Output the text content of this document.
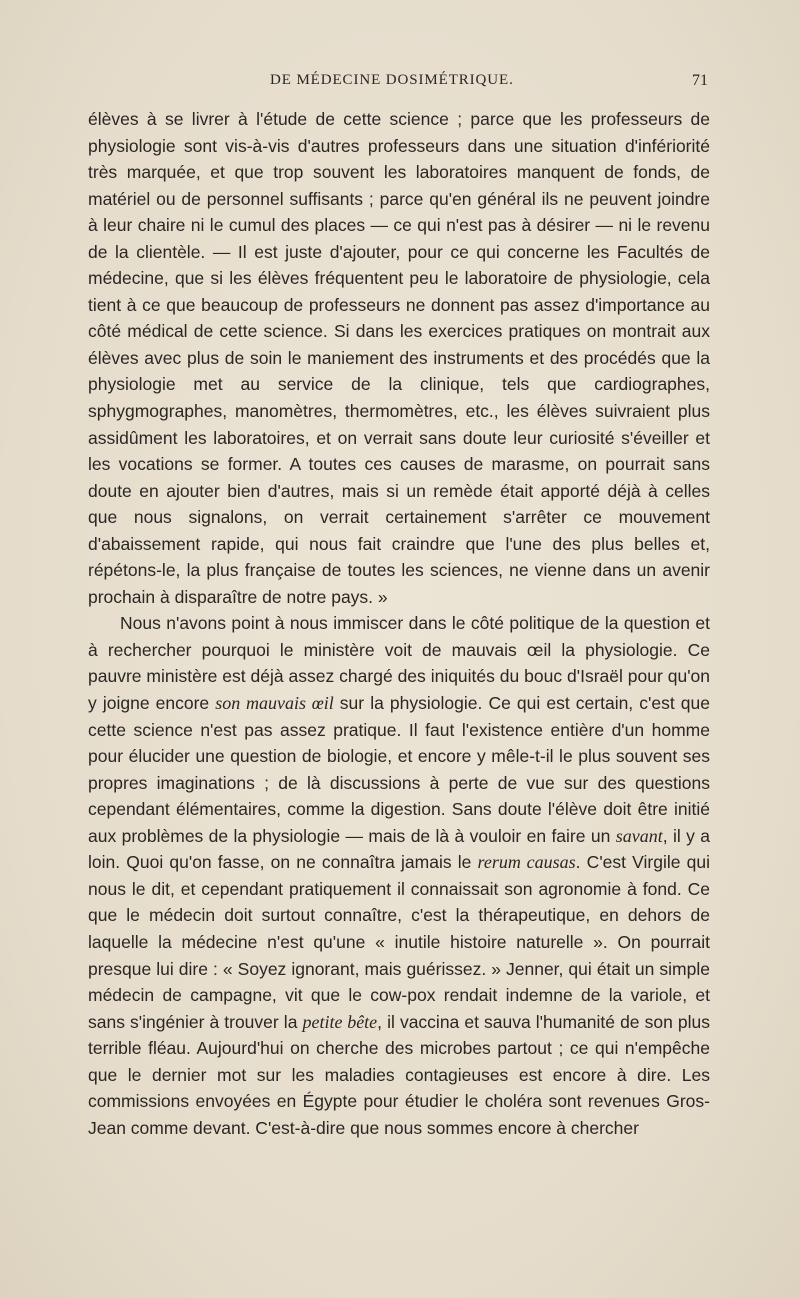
DE MÉDECINE DOSIMÉTRIQUE.	71

élèves à se livrer à l'étude de cette science ; parce que les professeurs de physiologie sont vis-à-vis d'autres professeurs dans une situation d'infériorité très marquée, et que trop souvent les laboratoires manquent de fonds, de matériel ou de personnel suffisants ; parce qu'en général ils ne peuvent joindre à leur chaire ni le cumul des places — ce qui n'est pas à désirer — ni le revenu de la clientèle. — Il est juste d'ajouter, pour ce qui concerne les Facultés de médecine, que si les élèves fréquentent peu le laboratoire de physiologie, cela tient à ce que beaucoup de professeurs ne donnent pas assez d'importance au côté médical de cette science. Si dans les exercices pratiques on montrait aux élèves avec plus de soin le maniement des instruments et des procédés que la physiologie met au service de la clinique, tels que cardiographes, sphygmographes, manomètres, thermomètres, etc., les élèves suivraient plus assidûment les laboratoires, et on verrait sans doute leur curiosité s'éveiller et les vocations se former. A toutes ces causes de marasme, on pourrait sans doute en ajouter bien d'autres, mais si un remède était apporté déjà à celles que nous signalons, on verrait certainement s'arrêter ce mouvement d'abaissement rapide, qui nous fait craindre que l'une des plus belles et, répétons-le, la plus française de toutes les sciences, ne vienne dans un avenir prochain à disparaître de notre pays. »

Nous n'avons point à nous immiscer dans le côté politique de la question et à rechercher pourquoi le ministère voit de mauvais œil la physiologie. Ce pauvre ministère est déjà assez chargé des iniquités du bouc d'Israël pour qu'on y joigne encore son mauvais œil sur la physiologie. Ce qui est certain, c'est que cette science n'est pas assez pratique. Il faut l'existence entière d'un homme pour élucider une question de biologie, et encore y mêle-t-il le plus souvent ses propres imaginations ; de là discussions à perte de vue sur des questions cependant élémentaires, comme la digestion. Sans doute l'élève doit être initié aux problèmes de la physiologie — mais de là à vouloir en faire un savant, il y a loin. Quoi qu'on fasse, on ne connaîtra jamais le rerum causas. C'est Virgile qui nous le dit, et cependant pratiquement il connaissait son agronomie à fond. Ce que le médecin doit surtout connaître, c'est la thérapeutique, en dehors de laquelle la médecine n'est qu'une « inutile histoire naturelle ». On pourrait presque lui dire : « Soyez ignorant, mais guérissez. » Jenner, qui était un simple médecin de campagne, vit que le cow-pox rendait indemne de la variole, et sans s'ingénier à trouver la petite bête, il vaccina et sauva l'humanité de son plus terrible fléau. Aujourd'hui on cherche des microbes partout ; ce qui n'empêche que le dernier mot sur les maladies contagieuses est encore à dire. Les commissions envoyées en Égypte pour étudier le choléra sont revenues Gros-Jean comme devant. C'est-à-dire que nous sommes encore à chercher
